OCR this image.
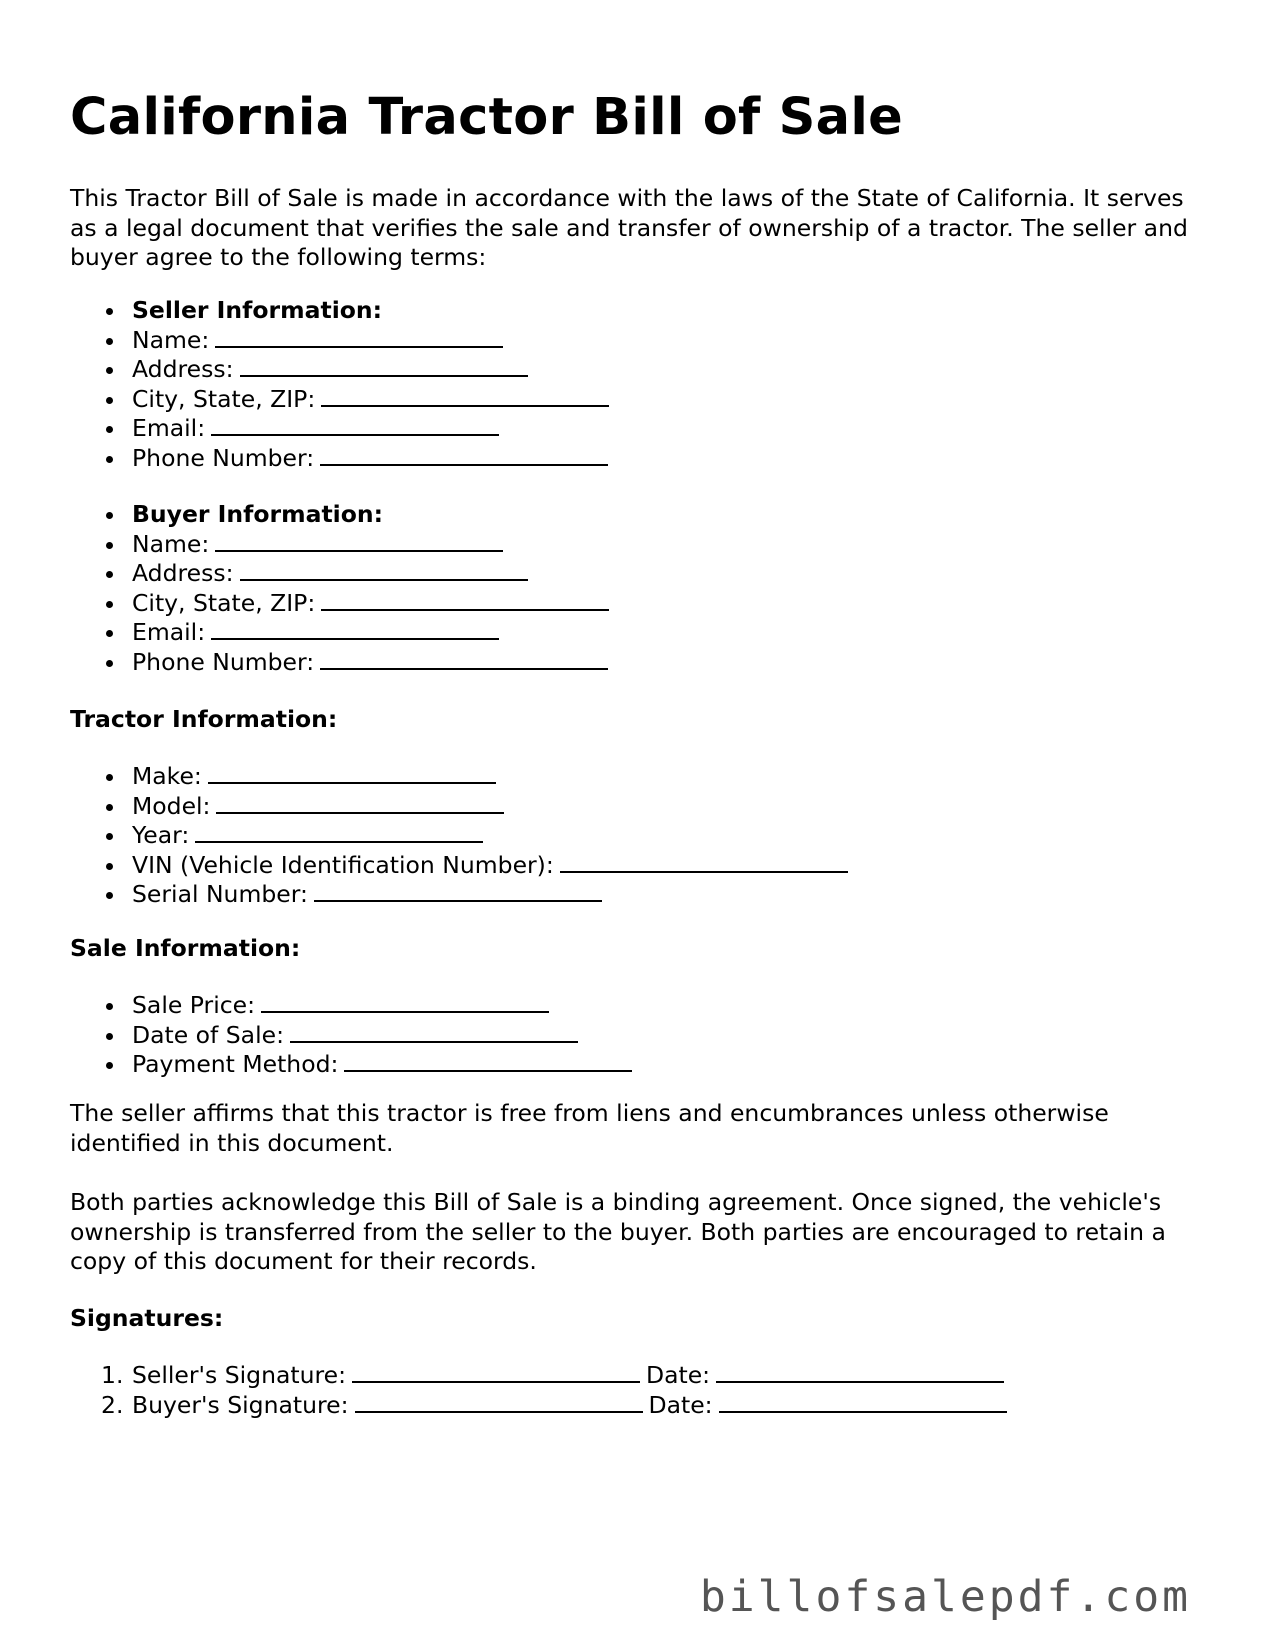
California Tractor Bill of Sale

This Tractor Bill of Sale is made in accordance with the laws of the State of California. It serves as a legal document that verifies the sale and transfer of ownership of a tractor. The seller and buyer agree to the following terms:

Seller Information:
Name:
Address:
City, State, ZIP:
Email:
Phone Number:
Buyer Information:
Name:
Address:
City, State, ZIP:
Email:
Phone Number:
Tractor Information:
Make:
Model:
Year:
VIN (Vehicle Identification Number):
Serial Number:
Sale Information:
Sale Price:
Date of Sale:
Payment Method:

The seller affirms that this tractor is free from liens and encumbrances unless otherwise identified in this document.

Both parties acknowledge this Bill of Sale is a binding agreement. Once signed, the vehicle's ownership is transferred from the seller to the buyer. Both parties are encouraged to retain a copy of this document for their records.

Signatures:
1. Seller's Signature:	Date:
2. Buyer's Signature:	Date:
billofsalepdf.com
